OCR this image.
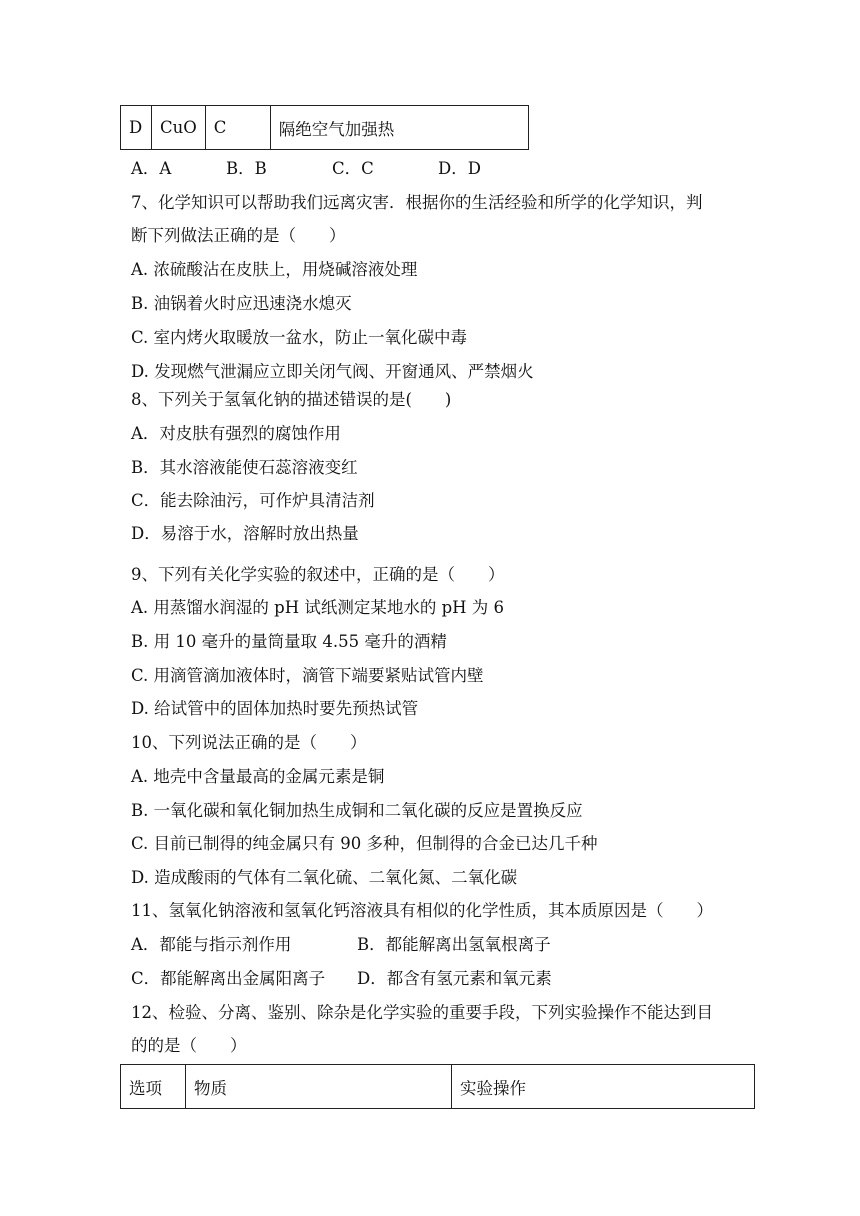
D	CuO	C	隔绝空气加强热
A．A	B．B	C．C	D．D
7、化学知识可以帮助我们远离灾害．根据你的生活经验和所学的化学知识，判
断下列做法正确的是（　　）
A. 浓硫酸沾在皮肤上，用烧碱溶液处理
B. 油锅着火时应迅速浇水熄灭
C. 室内烤火取暖放一盆水，防止一氧化碳中毒
D. 发现燃气泄漏应立即关闭气阀、开窗通风、严禁烟火
8、下列关于氢氧化钠的描述错误的是(　　)
A．对皮肤有强烈的腐蚀作用
B．其水溶液能使石蕊溶液变红
C．能去除油污，可作炉具清洁剂
D．易溶于水，溶解时放出热量
9、下列有关化学实验的叙述中，正确的是（　　）
A. 用蒸馏水润湿的 pH 试纸测定某地水的 pH 为 6
B. 用 10 毫升的量筒量取 4.55 毫升的酒精
C. 用滴管滴加液体时，滴管下端要紧贴试管内壁
D. 给试管中的固体加热时要先预热试管
10、下列说法正确的是（　　）
A. 地壳中含量最高的金属元素是铜
B. 一氧化碳和氧化铜加热生成铜和二氧化碳的反应是置换反应
C. 目前已制得的纯金属只有 90 多种，但制得的合金已达几千种
D. 造成酸雨的气体有二氧化硫、二氧化氮、二氧化碳
11、氢氧化钠溶液和氢氧化钙溶液具有相似的化学性质，其本质原因是（　　）
A．都能与指示剂作用	B．都能解离出氢氧根离子
C．都能解离出金属阳离子 D．都含有氢元素和氧元素
12、检验、分离、鉴别、除杂是化学实验的重要手段，下列实验操作不能达到目
的的是（　　）
选项	物质	实验操作
